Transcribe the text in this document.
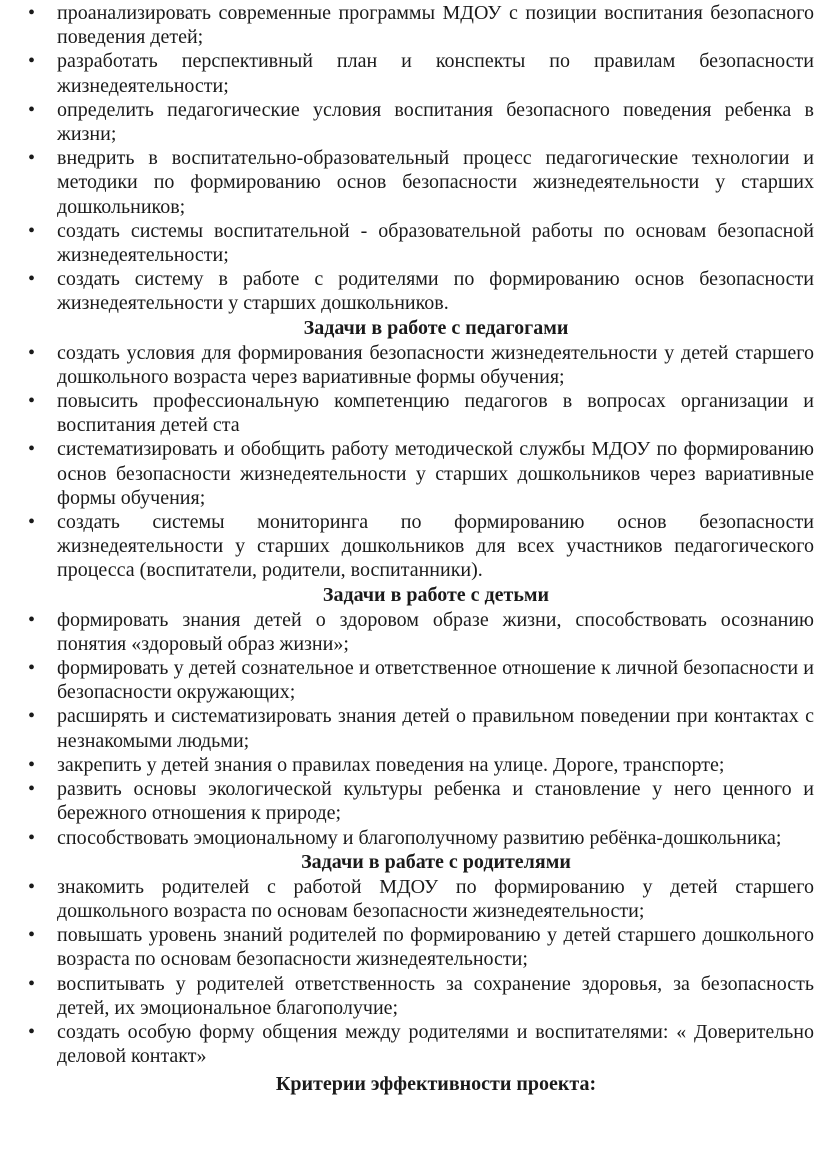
• проанализировать современные программы МДОУ с позиции воспитания безопасного поведения детей;
• разработать перспективный план и конспекты по правилам безопасности жизнедеятельности;
• определить педагогические условия воспитания безопасного поведения ребенка в жизни;
• внедрить в воспитательно-образовательный процесс педагогические технологии и методики по формированию основ безопасности жизнедеятельности у старших дошкольников;
• создать системы воспитательной - образовательной работы по основам безопасной жизнедеятельности;
• создать систему в работе с родителями по формированию основ безопасности жизнедеятельности у старших дошкольников.
Задачи в работе с педагогами
• создать условия для формирования безопасности жизнедеятельности у детей старшего дошкольного возраста через вариативные формы обучения;
• повысить профессиональную компетенцию педагогов в вопросах организации и воспитания детей ста
• систематизировать и обобщить работу методической службы МДОУ по формированию основ безопасности жизнедеятельности у старших дошкольников через вариативные формы обучения;
• создать системы мониторинга по формированию основ безопасности жизнедеятельности у старших дошкольников для всех участников педагогического процесса (воспитатели, родители, воспитанники).
Задачи в работе с детьми
• формировать знания детей о здоровом образе жизни, способствовать осознанию понятия «здоровый образ жизни»;
• формировать у детей сознательное и ответственное отношение к личной безопасности и безопасности окружающих;
• расширять и систематизировать знания детей о правильном поведении при контактах с незнакомыми людьми;
• закрепить у детей знания о правилах поведения на улице. Дороге, транспорте;
• развить основы экологической культуры ребенка и становление у него ценного и бережного отношения к природе;
• способствовать эмоциональному и благополучному развитию ребёнка-дошкольника;
Задачи в рабате с родителями
• знакомить родителей с работой МДОУ по формированию у детей старшего дошкольного возраста по основам безопасности жизнедеятельности;
• повышать уровень знаний родителей по формированию у детей старшего дошкольного возраста по основам безопасности жизнедеятельности;
• воспитывать у родителей ответственность за сохранение здоровья, за безопасность детей, их эмоциональное благополучие;
• создать особую форму общения между родителями и воспитателями: « Доверительно деловой контакт»
Критерии эффективности проекта:
